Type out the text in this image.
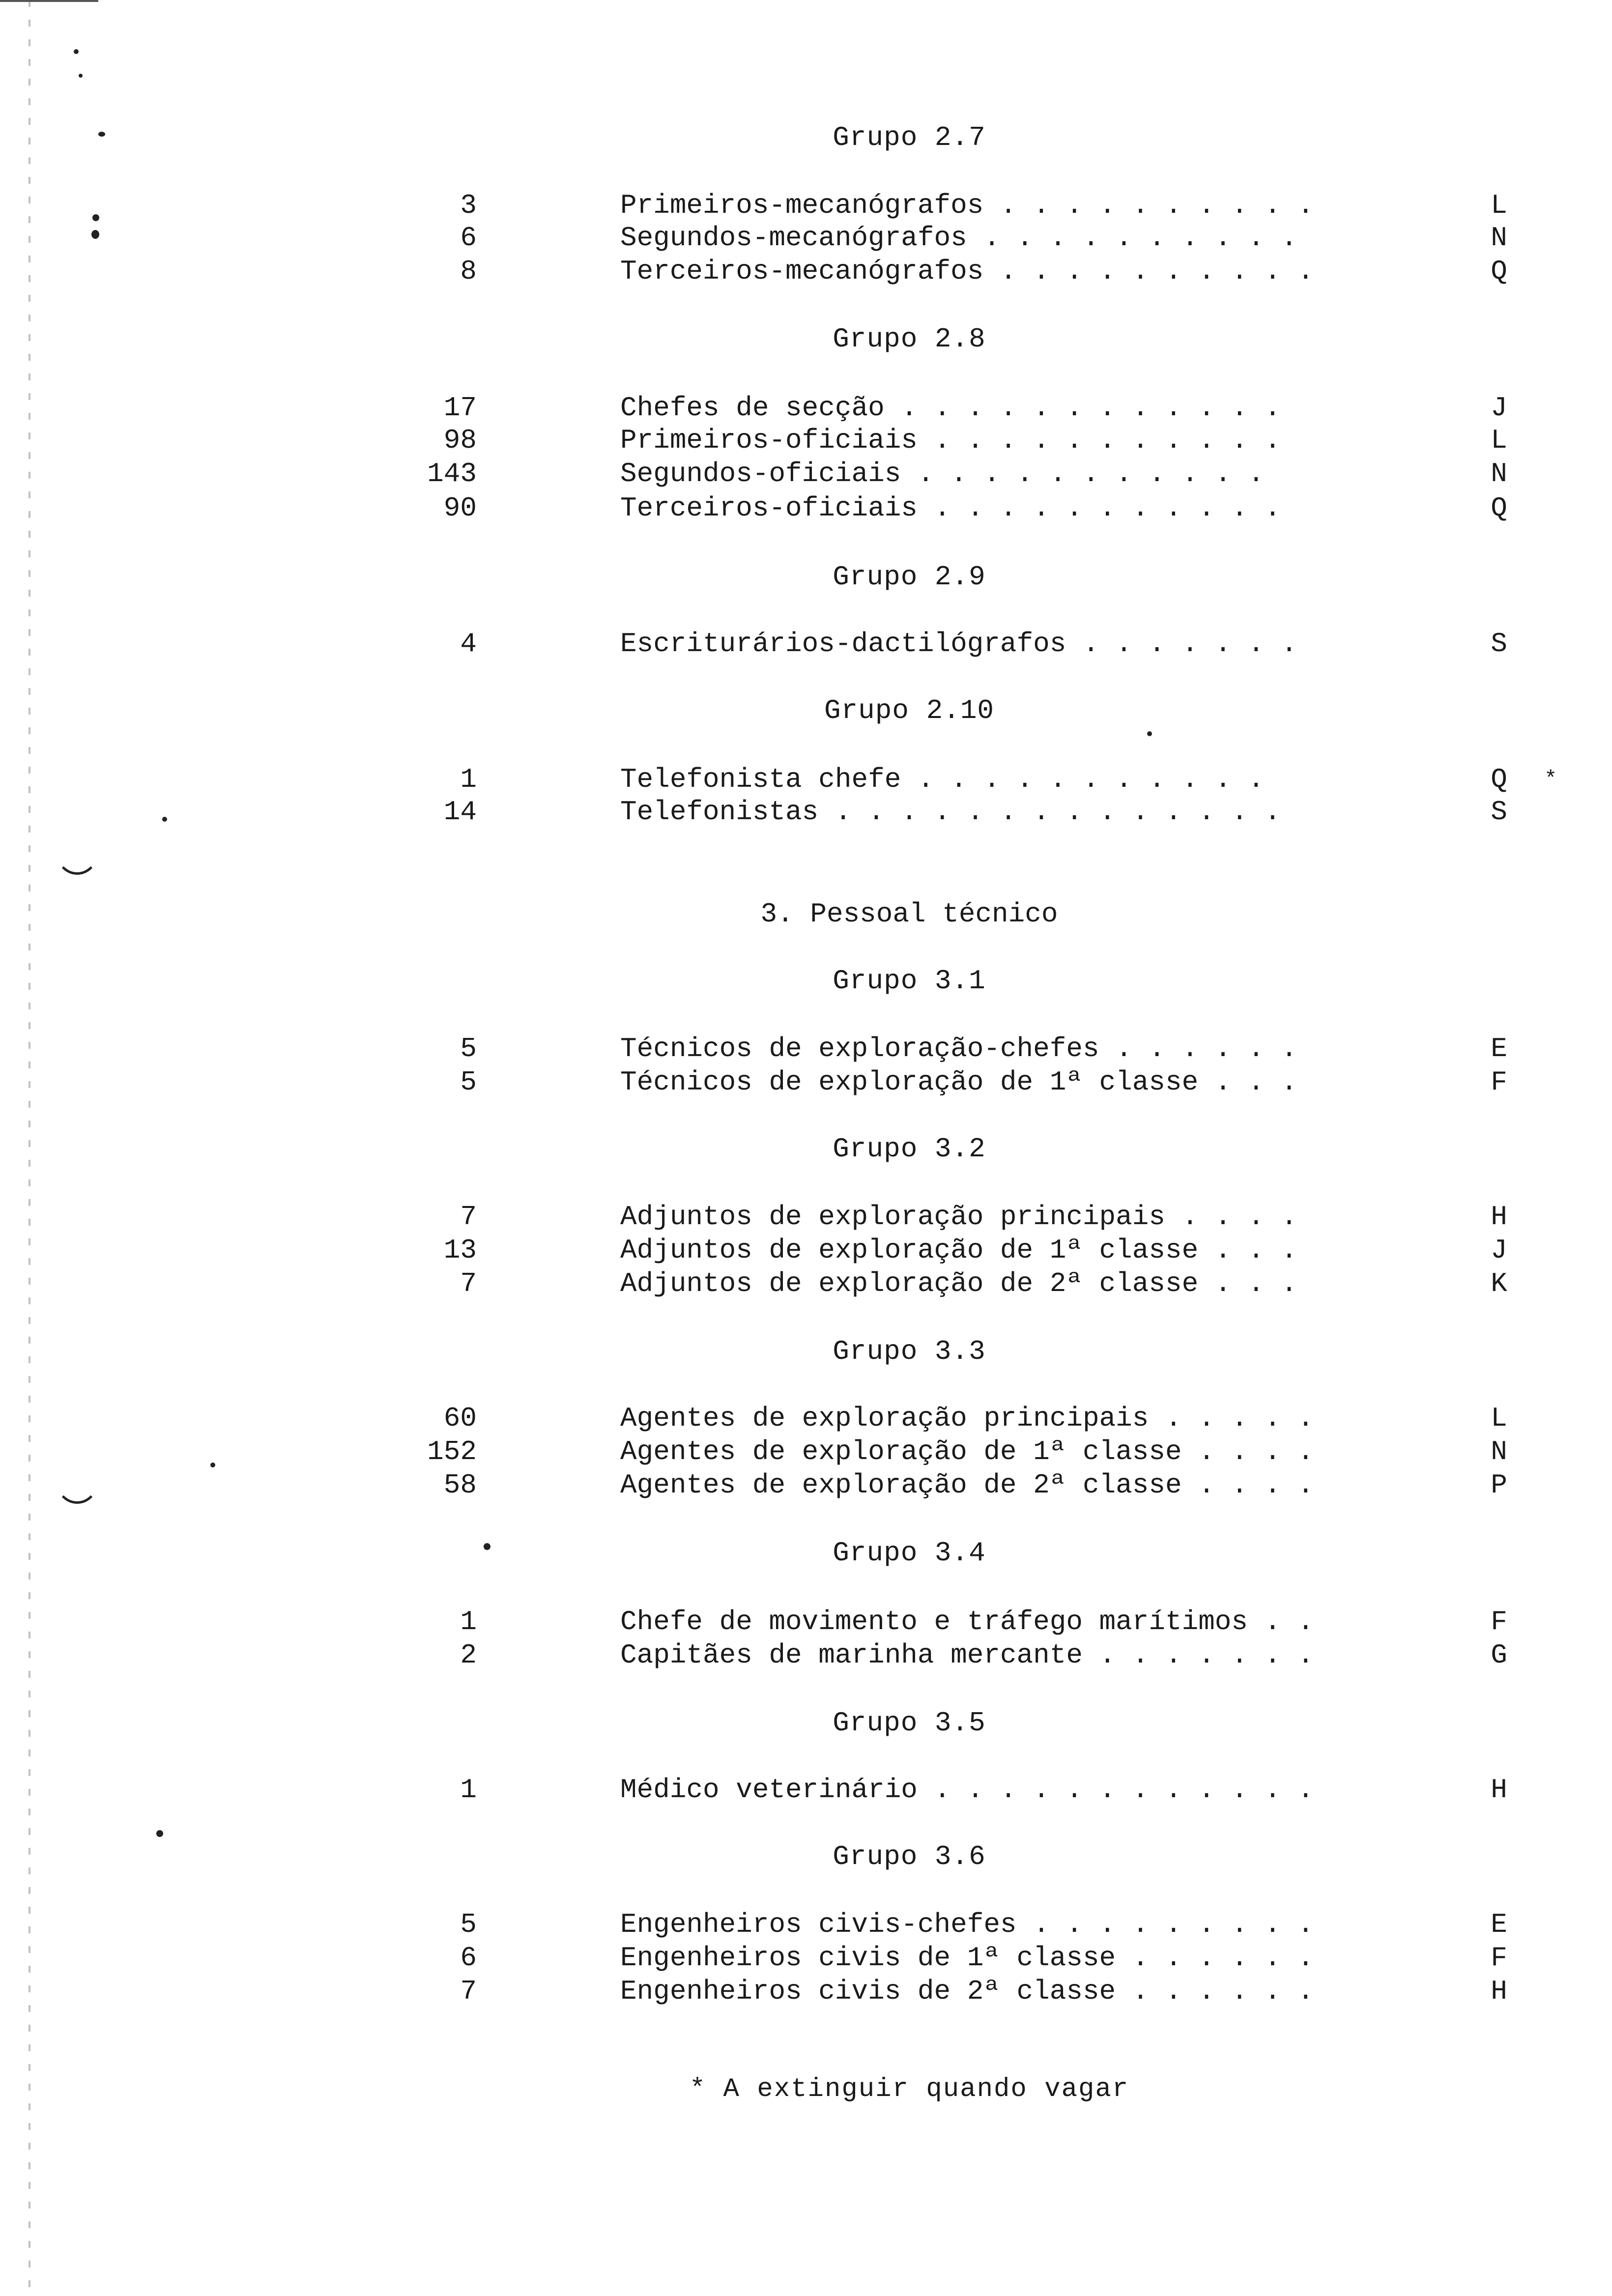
Grupo 2.7
3	Primeiros-mecanógrafos . . . . . . . . . .	L
6	Segundos-mecanógrafos . . . . . . . . . .	N
8	Terceiros-mecanógrafos . . . . . . . . . .	Q
Grupo 2.8
17	Chefes de secção . . . . . . . . . . . .	J
98	Primeiros-oficiais . . . . . . . . . . .	L
143	Segundos-oficiais . . . . . . . . . . .	N
90	Terceiros-oficiais . . . . . . . . . . .	Q
Grupo 2.9
4	Escriturários-dactilógrafos . . . . . . .	S
Grupo 2.10
1	Telefonista chefe . . . . . . . . . . .	Q	*
14	Telefonistas . . . . . . . . . . . . . .	S
3. Pessoal técnico
Grupo 3.1
5	Técnicos de exploração-chefes . . . . . .	E
5	Técnicos de exploração de 1ª classe . . .	F
Grupo 3.2
7	Adjuntos de exploração principais . . . .	H
13	Adjuntos de exploração de 1ª classe . . .	J
7	Adjuntos de exploração de 2ª classe . . .	K
Grupo 3.3
60	Agentes de exploração principais . . . . .	L
152	Agentes de exploração de 1ª classe . . . .	N
58	Agentes de exploração de 2ª classe . . . .	P
Grupo 3.4
1	Chefe de movimento e tráfego marítimos . .	F
2	Capitães de marinha mercante . . . . . . .	G
Grupo 3.5
1	Médico veterinário . . . . . . . . . . . .	H
Grupo 3.6
5	Engenheiros civis-chefes . . . . . . . . .	E
6	Engenheiros civis de 1ª classe . . . . . .	F
7	Engenheiros civis de 2ª classe . . . . . .	H
* A extinguir quando vagar
